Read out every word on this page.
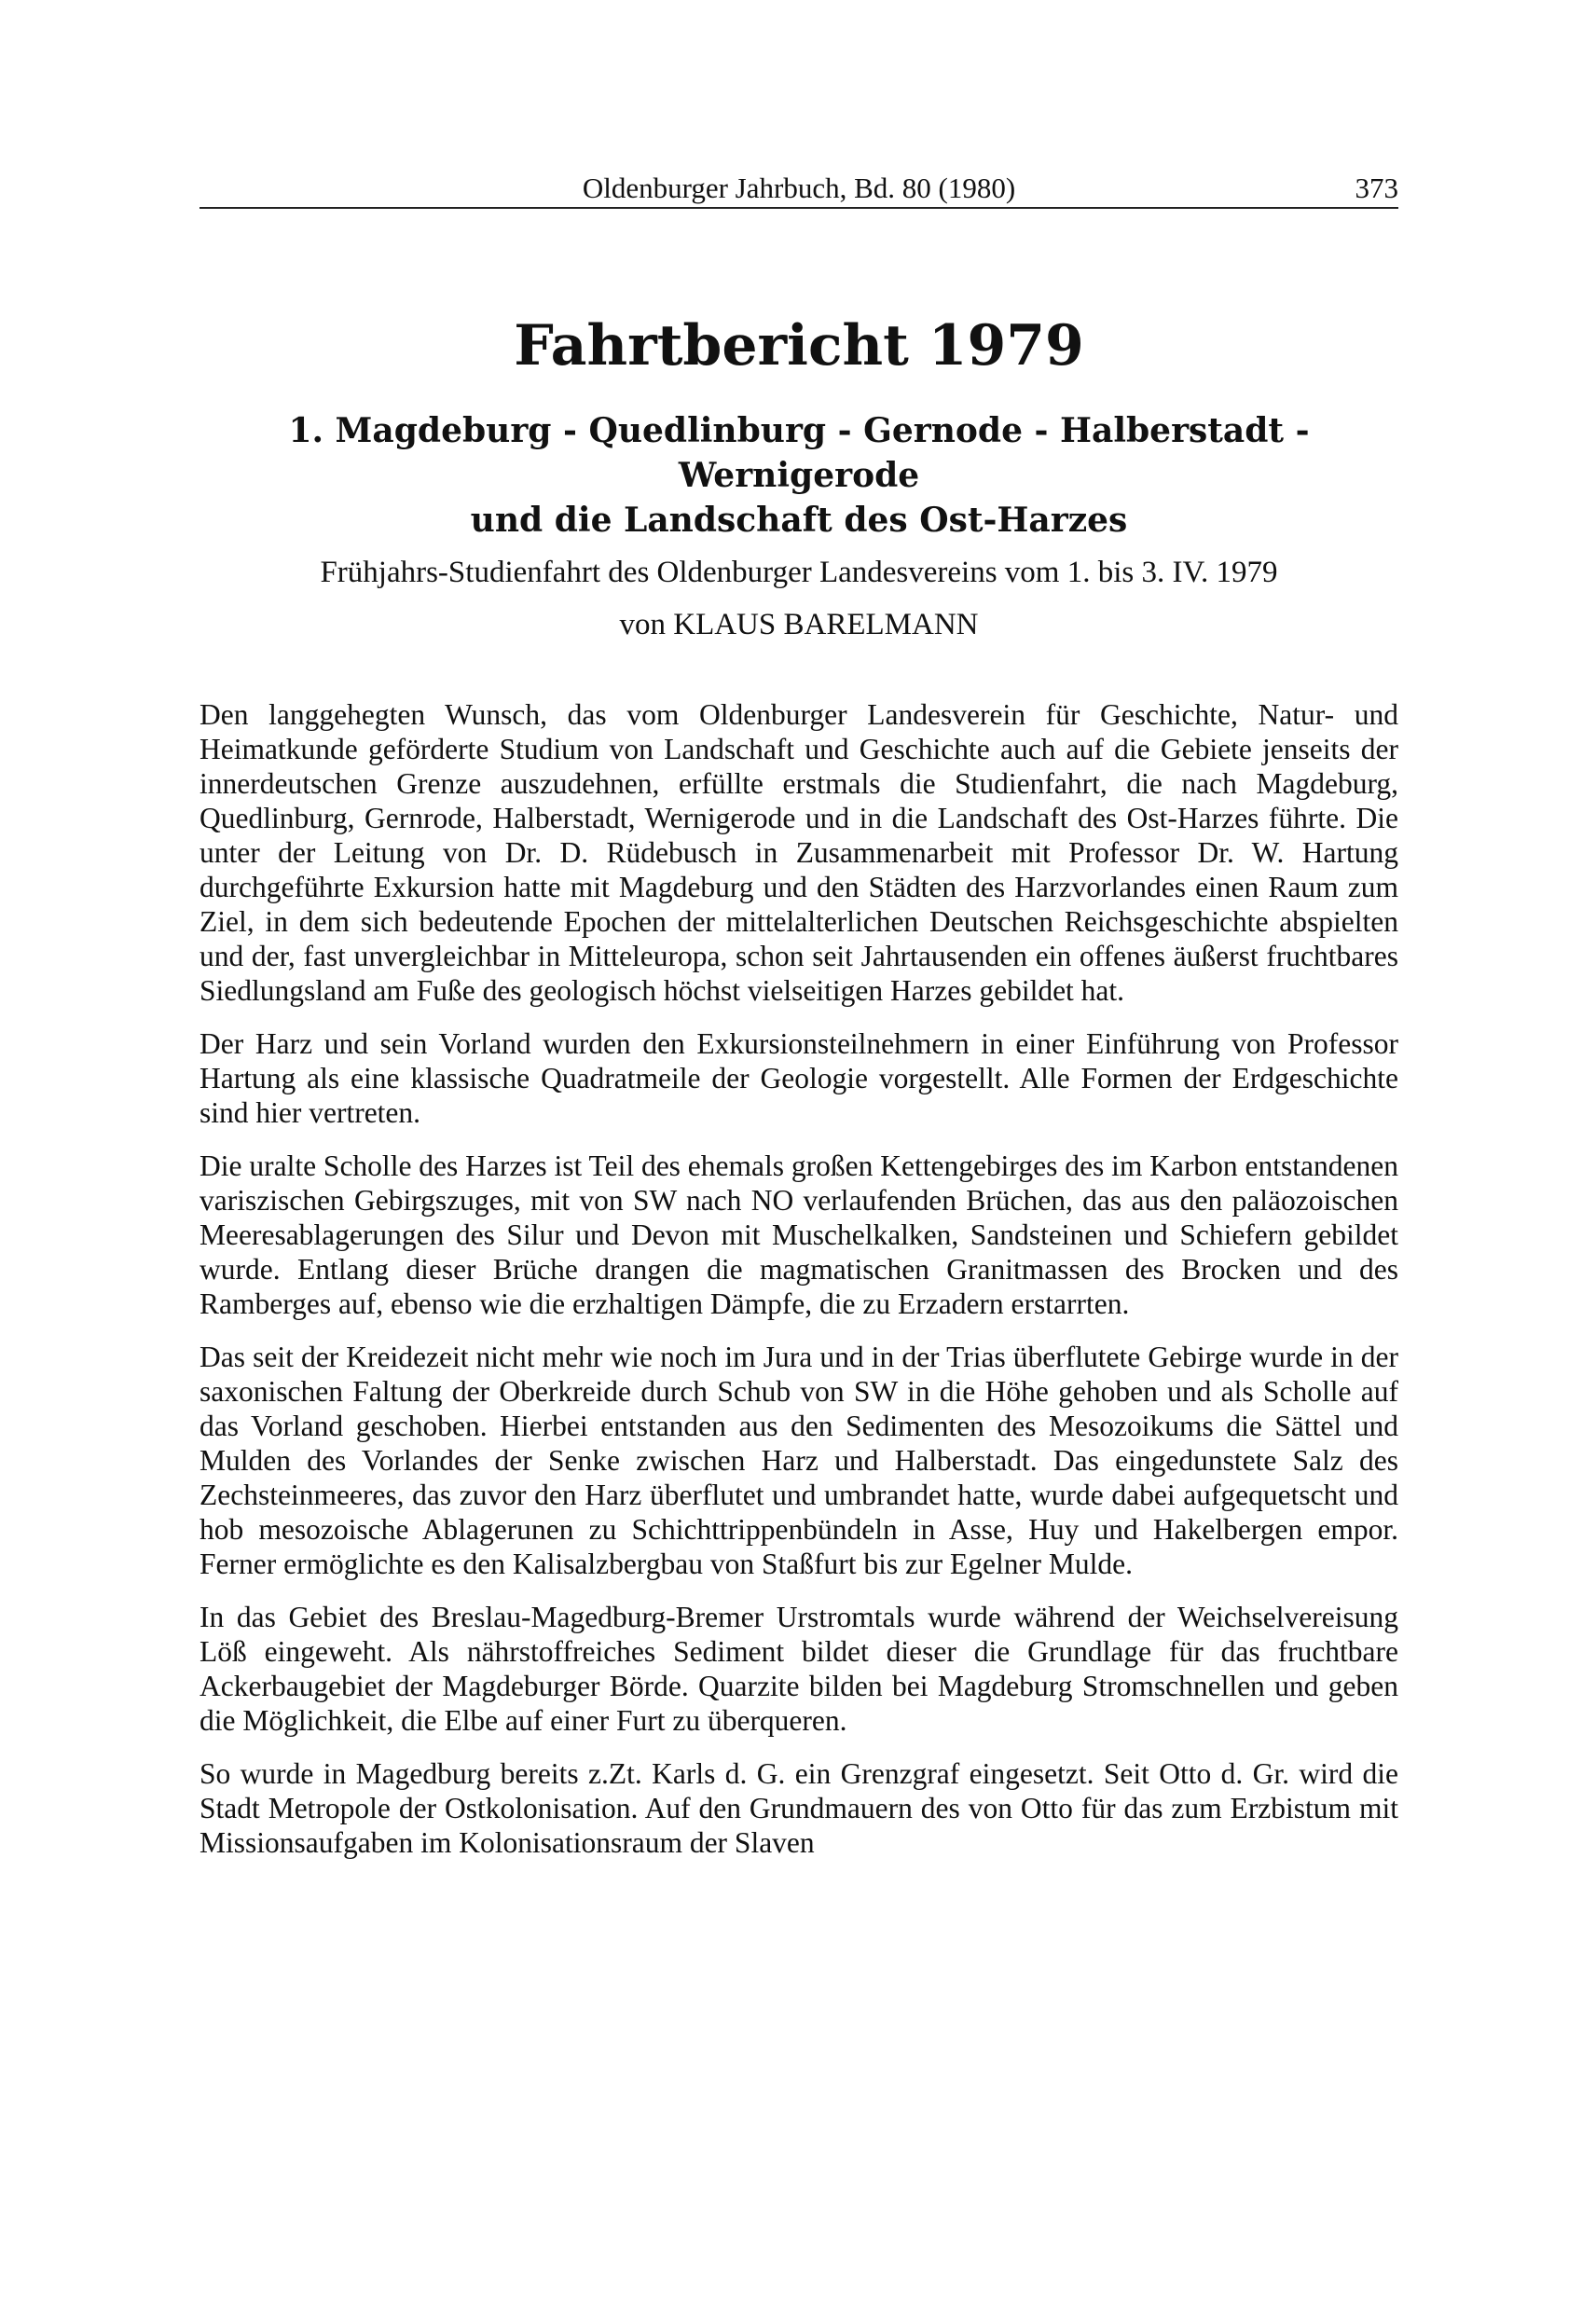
Oldenburger Jahrbuch, Bd. 80 (1980)	373
Fahrtbericht 1979
1. Magdeburg - Quedlinburg - Gernode - Halberstadt - Wernigerode
und die Landschaft des Ost-Harzes

Frühjahrs-Studienfahrt des Oldenburger Landesvereins vom 1. bis 3. IV. 1979

von KLAUS BARELMANN

Den langgehegten Wunsch, das vom Oldenburger Landesverein für Geschichte, Natur- und Heimatkunde geförderte Studium von Landschaft und Geschichte auch auf die Gebiete jenseits der innerdeutschen Grenze auszudehnen, erfüllte erstmals die Studienfahrt, die nach Magdeburg, Quedlinburg, Gernrode, Halberstadt, Wernigerode und in die Landschaft des Ost-Harzes führte. Die unter der Leitung von Dr. D. Rüdebusch in Zusammenarbeit mit Professor Dr. W. Hartung durchgeführte Exkursion hatte mit Magdeburg und den Städten des Harzvorlandes einen Raum zum Ziel, in dem sich bedeutende Epochen der mittelalterlichen Deutschen Reichsgeschichte abspielten und der, fast unvergleichbar in Mitteleuropa, schon seit Jahrtausenden ein offenes äußerst fruchtbares Siedlungsland am Fuße des geologisch höchst vielseitigen Harzes gebildet hat.

Der Harz und sein Vorland wurden den Exkursionsteilnehmern in einer Einführung von Professor Hartung als eine klassische Quadratmeile der Geologie vorgestellt. Alle Formen der Erdgeschichte sind hier vertreten.

Die uralte Scholle des Harzes ist Teil des ehemals großen Kettengebirges des im Karbon entstandenen variszischen Gebirgszuges, mit von SW nach NO verlaufenden Brüchen, das aus den paläozoischen Meeresablagerungen des Silur und Devon mit Muschelkalken, Sandsteinen und Schiefern gebildet wurde. Entlang dieser Brüche drangen die magmatischen Granitmassen des Brocken und des Ramberges auf, ebenso wie die erzhaltigen Dämpfe, die zu Erzadern erstarrten.

Das seit der Kreidezeit nicht mehr wie noch im Jura und in der Trias überflutete Gebirge wurde in der saxonischen Faltung der Oberkreide durch Schub von SW in die Höhe gehoben und als Scholle auf das Vorland geschoben. Hierbei entstanden aus den Sedimenten des Mesozoikums die Sättel und Mulden des Vorlandes der Senke zwischen Harz und Halberstadt. Das eingedunstete Salz des Zechsteinmeeres, das zuvor den Harz überflutet und umbrandet hatte, wurde dabei aufgequetscht und hob mesozoische Ablagerunen zu Schichttrippenbündeln in Asse, Huy und Hakelbergen empor. Ferner ermöglichte es den Kalisalzbergbau von Staßfurt bis zur Egelner Mulde.

In das Gebiet des Breslau-Magedburg-Bremer Urstromtals wurde während der Weichselvereisung Löß eingeweht. Als nährstoffreiches Sediment bildet dieser die Grundlage für das fruchtbare Ackerbaugebiet der Magdeburger Börde. Quarzite bilden bei Magdeburg Stromschnellen und geben die Möglichkeit, die Elbe auf einer Furt zu überqueren.

So wurde in Magedburg bereits z.Zt. Karls d. G. ein Grenzgraf eingesetzt. Seit Otto d. Gr. wird die Stadt Metropole der Ostkolonisation. Auf den Grundmauern des von Otto für das zum Erzbistum mit Missionsaufgaben im Kolonisationsraum der Slaven
